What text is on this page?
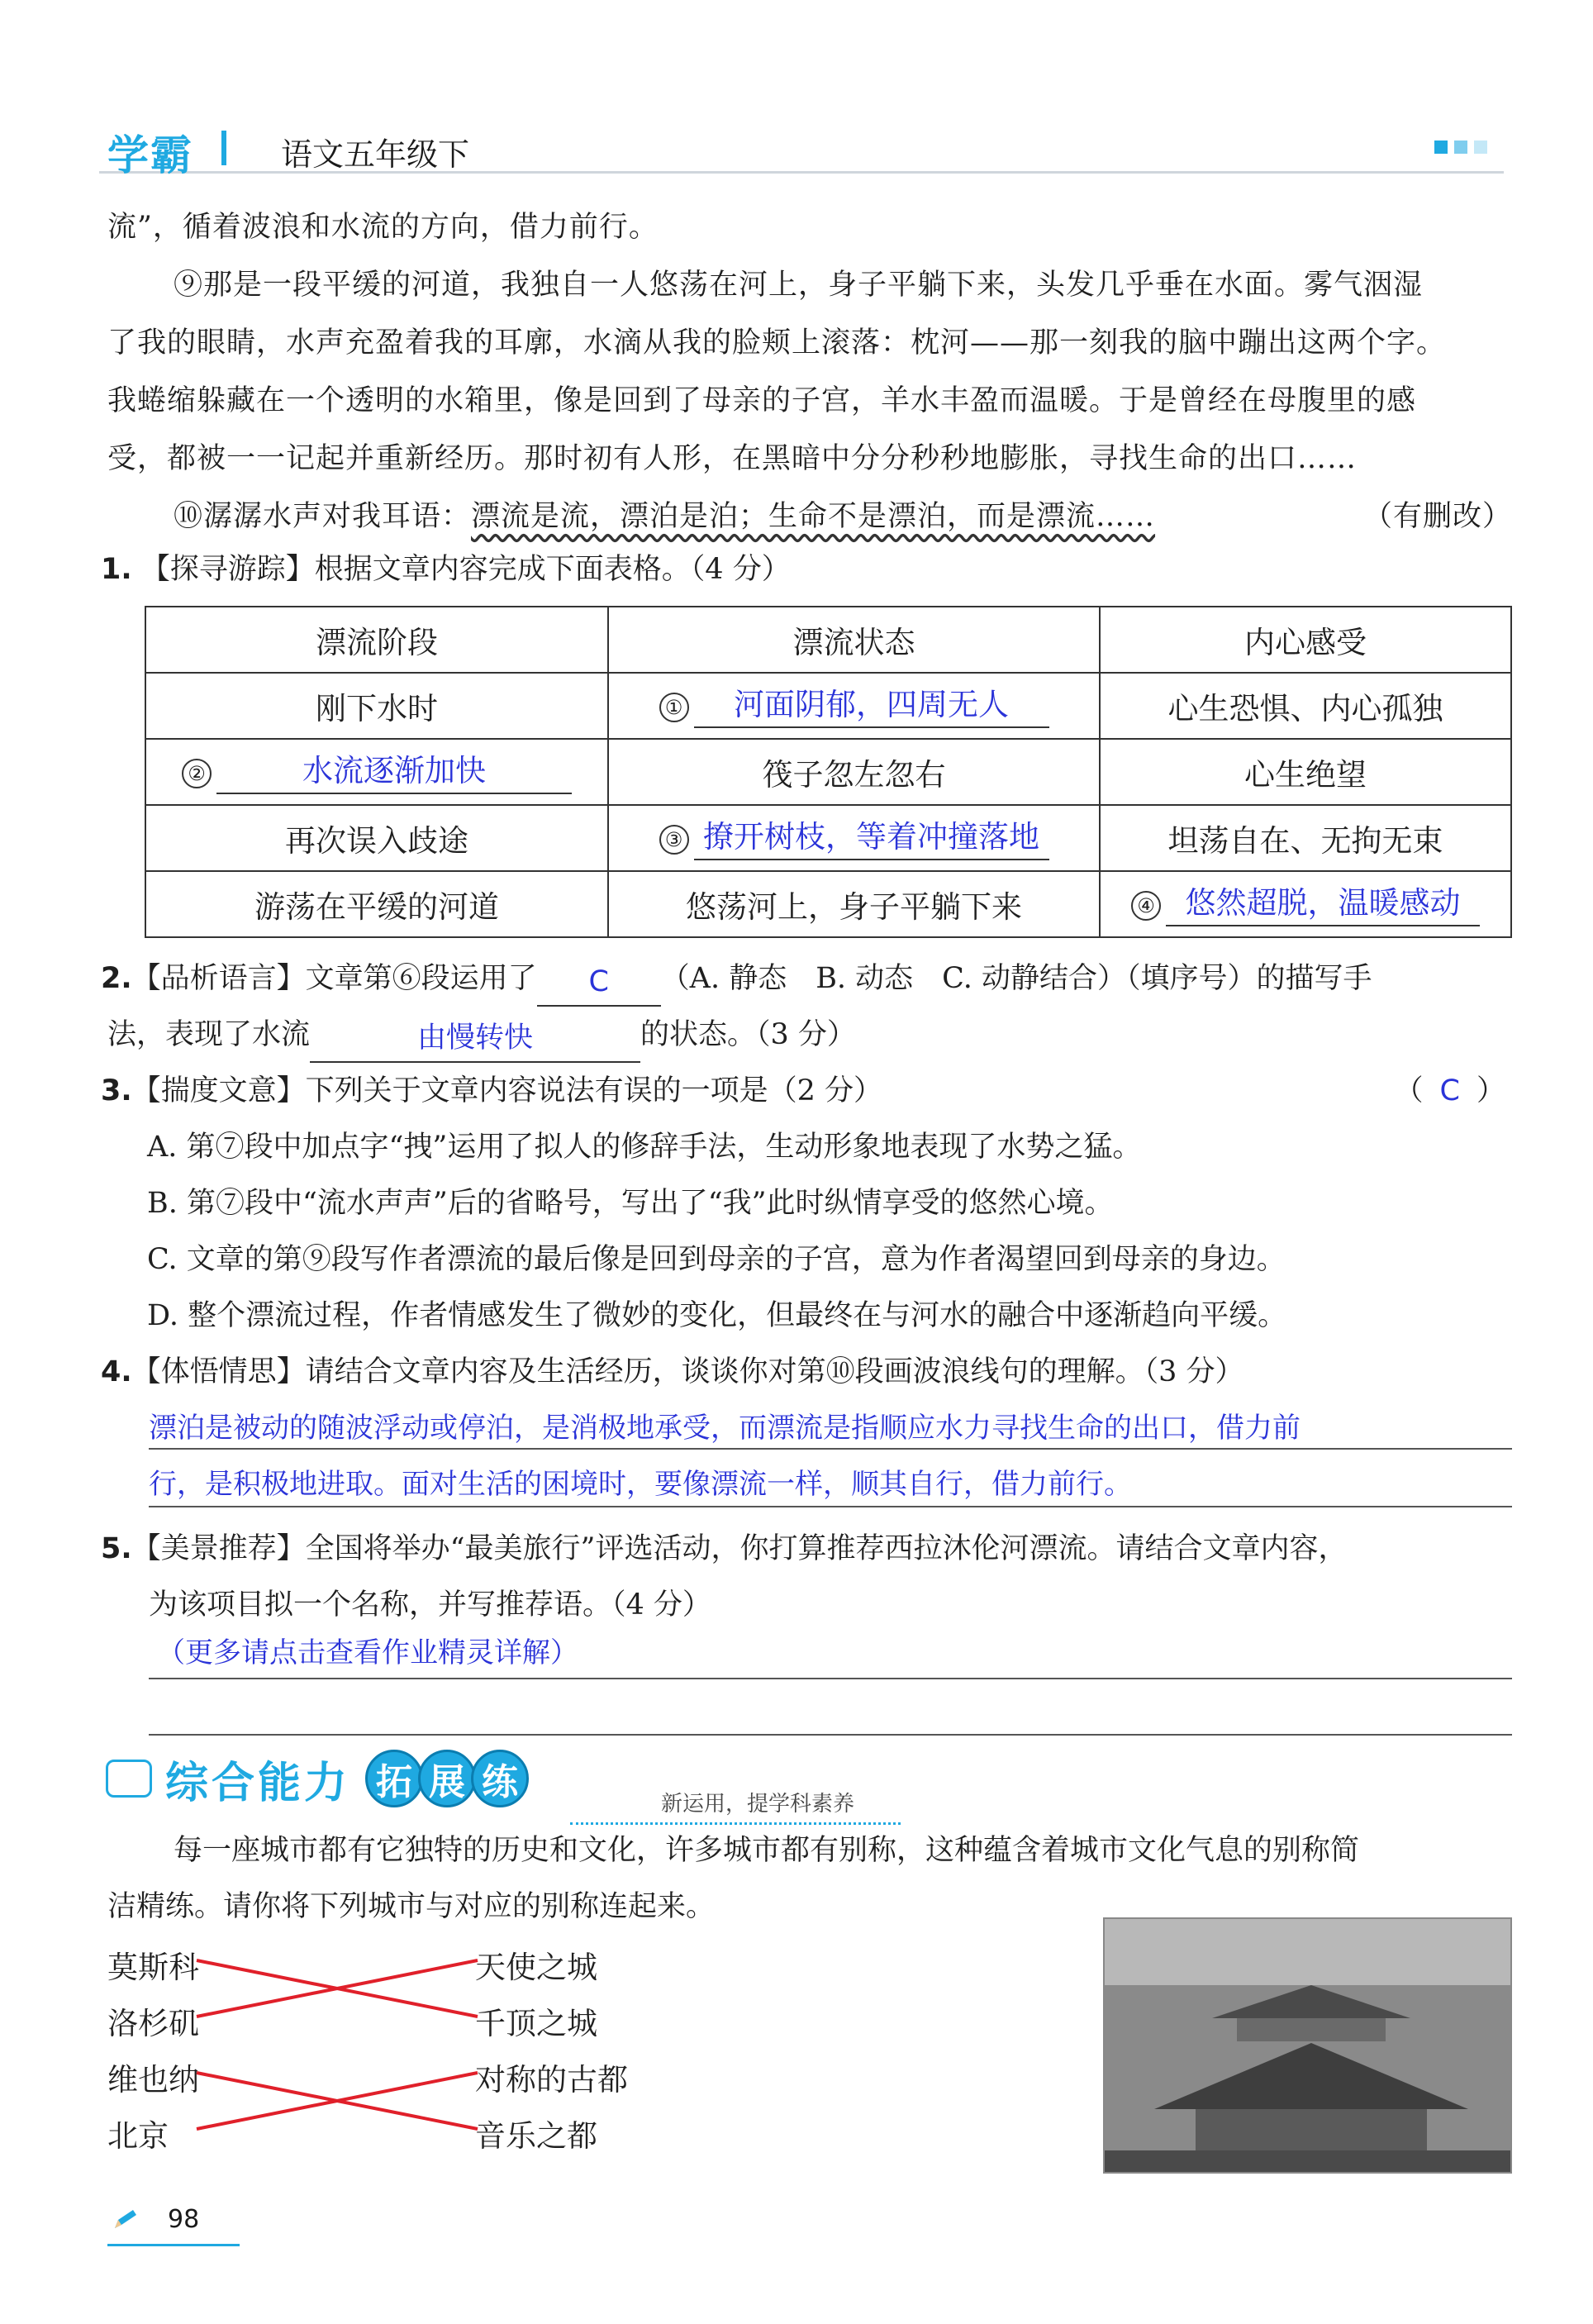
学霸	语文五年级下

流”，循着波浪和水流的方向，借力前行。

⑨那是一段平缓的河道，我独自一人悠荡在河上，身子平躺下来，头发几乎垂在水面。雾气洇湿

了我的眼睛，水声充盈着我的耳廓，水滴从我的脸颊上滚落：枕河——那一刻我的脑中蹦出这两个字。

我蜷缩躲藏在一个透明的水箱里，像是回到了母亲的子宫，羊水丰盈而温暖。于是曾经在母腹里的感

受，都被一一记起并重新经历。那时初有人形，在黑暗中分分秒秒地膨胀，寻找生命的出口……

⑩潺潺水声对我耳语：漂流是流，漂泊是泊；生命不是漂泊，而是漂流……	（有删改）

1. 【探寻游踪】根据文章内容完成下面表格。（4 分）
漂流阶段	漂流状态	内心感受
刚下水时	① 河面阴郁，四周无人	心生恐惧、内心孤独
② 水流逐渐加快	筏子忽左忽右	心生绝望
再次误入歧途	③ 撩开树枝，等着冲撞落地	坦荡自在、无拘无束
游荡在平缓的河道	悠荡河上，身子平躺下来	④ 悠然超脱，温暖感动
2.【品析语言】文章第⑥段运用了 C （A. 静态　B. 动态　C. 动静结合）（填序号）的描写手
法，表现了水流	由慢转快	的状态。（3 分）
3.【揣度文意】下列关于文章内容说法有误的一项是（2 分）	（ C ）
A. 第⑦段中加点字“拽”运用了拟人的修辞手法，生动形象地表现了水势之猛。
B. 第⑦段中“流水声声”后的省略号，写出了“我”此时纵情享受的悠然心境。
C. 文章的第⑨段写作者漂流的最后像是回到母亲的子宫，意为作者渴望回到母亲的身边。
D. 整个漂流过程，作者情感发生了微妙的变化，但最终在与河水的融合中逐渐趋向平缓。
4.【体悟情思】请结合文章内容及生活经历，谈谈你对第⑩段画波浪线句的理解。（3 分）
漂泊是被动的随波浮动或停泊，是消极地承受，而漂流是指顺应水力寻找生命的出口，借力前
行，是积极地进取。面对生活的困境时，要像漂流一样，顺其自行，借力前行。
5.【美景推荐】全国将举办“最美旅行”评选活动，你打算推荐西拉沐伦河漂流。请结合文章内容，
为该项目拟一个名称，并写推荐语。（4 分）
（更多请点击查看作业精灵详解）
综合能力 拓 展 练
新运用，提学科素养
每一座城市都有它独特的历史和文化，许多城市都有别称，这种蕴含着城市文化气息的别称简
洁精练。请你将下列城市与对应的别称连起来。
莫斯科
洛杉矶
维也纳
北京
天使之城
千顶之城
对称的古都
音乐之都
98
